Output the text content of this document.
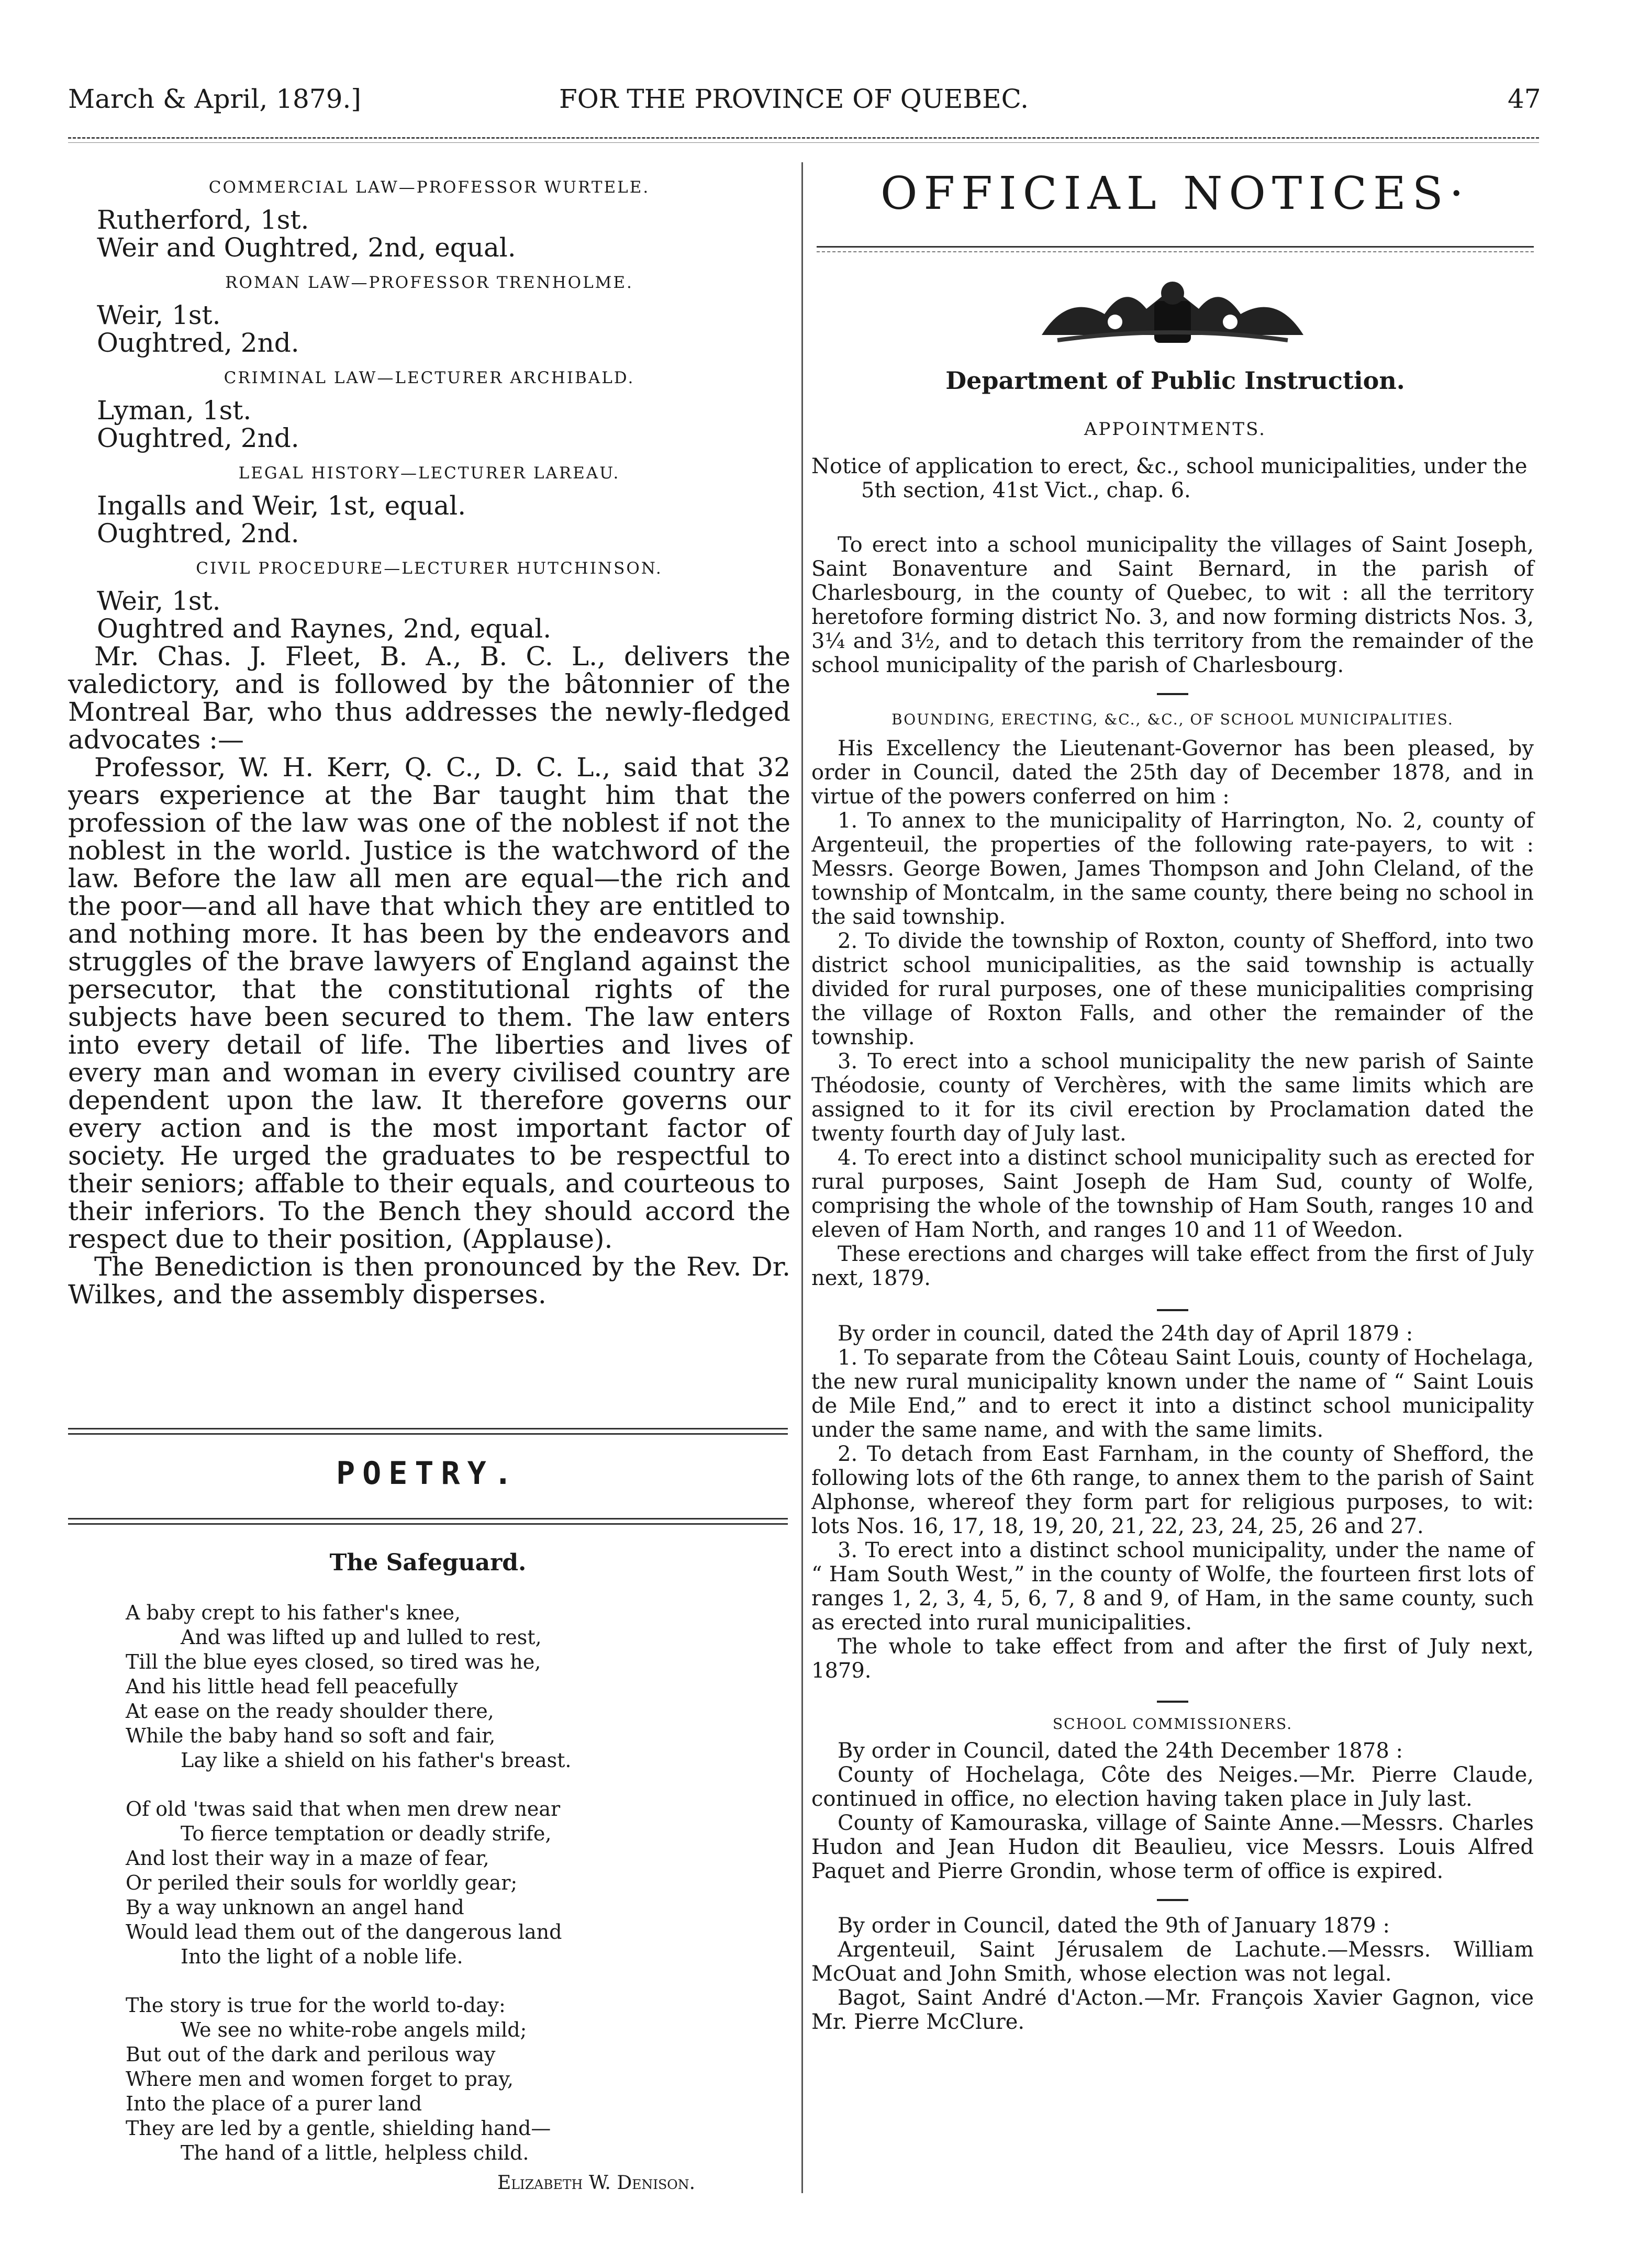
March & April, 1879.]	FOR THE PROVINCE OF QUEBEC.	47

COMMERCIAL LAW—PROFESSOR WURTELE.

Rutherford, 1st.

Weir and Oughtred, 2nd, equal.

ROMAN LAW—PROFESSOR TRENHOLME.

Weir, 1st.

Oughtred, 2nd.

CRIMINAL LAW—LECTURER ARCHIBALD.

Lyman, 1st.

Oughtred, 2nd.

LEGAL HISTORY—LECTURER LAREAU.

Ingalls and Weir, 1st, equal.

Oughtred, 2nd.

CIVIL PROCEDURE—LECTURER HUTCHINSON.

Weir, 1st.

Oughtred and Raynes, 2nd, equal.

Mr. Chas. J. Fleet, B. A., B. C. L., delivers the valedictory, and is followed by the bâtonnier of the Montreal Bar, who thus addresses the newly-fledged advocates :—

Professor, W. H. Kerr, Q. C., D. C. L., said that 32 years experience at the Bar taught him that the profession of the law was one of the noblest if not the noblest in the world. Justice is the watchword of the law. Before the law all men are equal—the rich and the poor—and all have that which they are entitled to and nothing more. It has been by the endeavors and struggles of the brave lawyers of England against the persecutor, that the constitutional rights of the subjects have been secured to them. The law enters into every detail of life. The liberties and lives of every man and woman in every civilised country are dependent upon the law. It therefore governs our every action and is the most important factor of society. He urged the graduates to be respectful to their seniors; affable to their equals, and courteous to their inferiors. To the Bench they should accord the respect due to their position, (Applause).

The Benediction is then pronounced by the Rev. Dr. Wilkes, and the assembly disperses.

POETRY.
The Safeguard.

A baby crept to his father's knee,

And was lifted up and lulled to rest,

Till the blue eyes closed, so tired was he,

And his little head fell peacefully

At ease on the ready shoulder there,

While the baby hand so soft and fair,

Lay like a shield on his father's breast.

Of old 'twas said that when men drew near

To fierce temptation or deadly strife,

And lost their way in a maze of fear,

Or periled their souls for worldly gear;

By a way unknown an angel hand

Would lead them out of the dangerous land

Into the light of a noble life.

The story is true for the world to-day:

We see no white-robe angels mild;

But out of the dark and perilous way

Where men and women forget to pray,

Into the place of a purer land

They are led by a gentle, shielding hand—

The hand of a little, helpless child.

Elizabeth W. Denison.
OFFICIAL NOTICES·
Department of Public Instruction.
APPOINTMENTS.

Notice of application to erect, &c., school municipalities, under the 5th section, 41st Vict., chap. 6.

To erect into a school municipality the villages of Saint Joseph, Saint Bonaventure and Saint Bernard, in the parish of Charlesbourg, in the county of Quebec, to wit : all the territory heretofore forming district No. 3, and now forming districts Nos. 3, 3¼ and 3½, and to detach this territory from the remainder of the school municipality of the parish of Charlesbourg.

BOUNDING, ERECTING, &C., &C., OF SCHOOL MUNICIPALITIES.

His Excellency the Lieutenant-Governor has been pleased, by order in Council, dated the 25th day of December 1878, and in virtue of the powers conferred on him :

1. To annex to the municipality of Harrington, No. 2, county of Argenteuil, the properties of the following rate-payers, to wit : Messrs. George Bowen, James Thompson and John Cleland, of the township of Montcalm, in the same county, there being no school in the said township.

2. To divide the township of Roxton, county of Shefford, into two district school municipalities, as the said township is actually divided for rural purposes, one of these municipalities comprising the village of Roxton Falls, and other the remainder of the township.

3. To erect into a school municipality the new parish of Sainte Théodosie, county of Verchères, with the same limits which are assigned to it for its civil erection by Proclamation dated the twenty fourth day of July last.

4. To erect into a distinct school municipality such as erected for rural purposes, Saint Joseph de Ham Sud, county of Wolfe, comprising the whole of the township of Ham South, ranges 10 and eleven of Ham North, and ranges 10 and 11 of Weedon.

These erections and charges will take effect from the first of July next, 1879.

By order in council, dated the 24th day of April 1879 :

1. To separate from the Côteau Saint Louis, county of Hochelaga, the new rural municipality known under the name of “ Saint Louis de Mile End,” and to erect it into a distinct school municipality under the same name, and with the same limits.

2. To detach from East Farnham, in the county of Shefford, the following lots of the 6th range, to annex them to the parish of Saint Alphonse, whereof they form part for religious purposes, to wit: lots Nos. 16, 17, 18, 19, 20, 21, 22, 23, 24, 25, 26 and 27.

3. To erect into a distinct school municipality, under the name of “ Ham South West,” in the county of Wolfe, the fourteen first lots of ranges 1, 2, 3, 4, 5, 6, 7, 8 and 9, of Ham, in the same county, such as erected into rural municipalities.

The whole to take effect from and after the first of July next, 1879.

SCHOOL COMMISSIONERS.

By order in Council, dated the 24th December 1878 :

County of Hochelaga, Côte des Neiges.—Mr. Pierre Claude, continued in office, no election having taken place in July last.

County of Kamouraska, village of Sainte Anne.—Messrs. Charles Hudon and Jean Hudon dit Beaulieu, vice Messrs. Louis Alfred Paquet and Pierre Grondin, whose term of office is expired.

By order in Council, dated the 9th of January 1879 :

Argenteuil, Saint Jérusalem de Lachute.—Messrs. William McOuat and John Smith, whose election was not legal.

Bagot, Saint André d'Acton.—Mr. François Xavier Gagnon, vice Mr. Pierre McClure.
